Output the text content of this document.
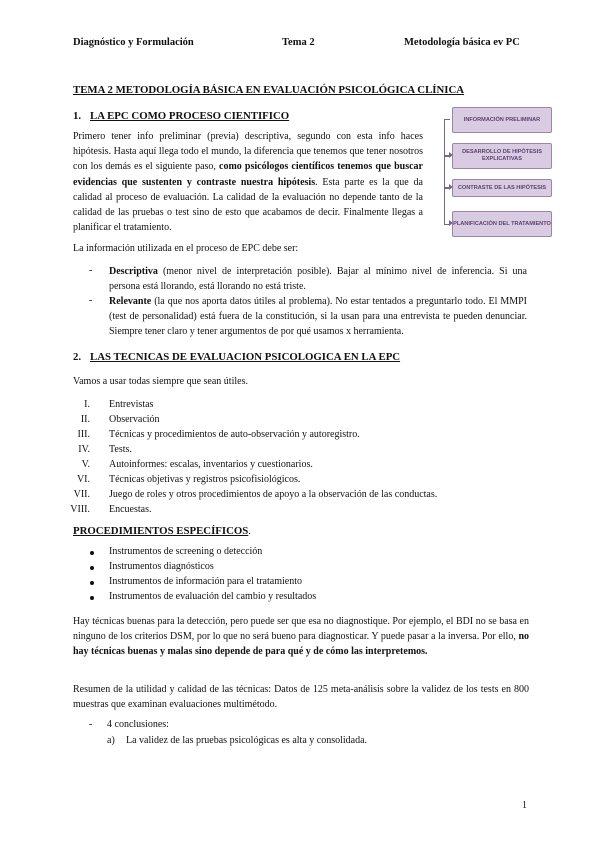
Diagnóstico y Formulación	Tema 2	Metodología básica ev PC
TEMA 2 METODOLOGÍA BÁSICA EN EVALUACIÓN PSICOLÓGICA CLÍNICA
1. LA EPC COMO PROCESO CIENTIFICO
Primero tener info preliminar (previa) descriptiva, segundo con esta info haces hipótesis. Hasta aquí llega todo el mundo, la diferencia que tenemos que tener nosotros con los demás es el siguiente paso, como psicólogos científicos tenemos que buscar evidencias que sustenten y contraste nuestra hipótesis. Esta parte es la que da calidad al proceso de evaluación. La calidad de la evaluación no depende tanto de la calidad de las pruebas o test sino de esto que acabamos de decir. Finalmente llegas a planificar el tratamiento.
INFORMACIÓN PRELIMINAR
DESARROLLO DE HIPÓTESIS EXPLICATIVAS
CONTRASTE DE LAS HIPÓTESIS
PLANIFICACIÓN DEL TRATAMIENTO
La información utilizada en el proceso de EPC debe ser:
- Descriptiva (menor nivel de interpretación posible). Bajar al mínimo nivel de inferencia. Si una persona está llorando, está llorando no está triste.
- Relevante (la que nos aporta datos útiles al problema). No estar tentados a preguntarlo todo. El MMPI (test de personalidad) está fuera de la constitución, si la usan para una entrevista te pueden denunciar. Siempre tener claro y tener argumentos de por qué usamos x herramienta.
2. LAS TECNICAS DE EVALUACION PSICOLOGICA EN LA EPC
Vamos a usar todas siempre que sean útiles.
I. Entrevistas
II. Observación
III. Técnicas y procedimientos de auto-observación y autoregistro.
IV. Tests.
V. Autoinformes: escalas, inventarios y cuestionarios.
VI. Técnicas objetivas y registros psicofisiológicos.
VII. Juego de roles y otros procedimientos de apoyo a la observación de las conductas.
VIII. Encuestas.
PROCEDIMIENTOS ESPECÍFICOS.
Instrumentos de screening o detección
Instrumentos diagnósticos
Instrumentos de información para el tratamiento
Instrumentos de evaluación del cambio y resultados
Hay técnicas buenas para la detección, pero puede ser que esa no diagnostique. Por ejemplo, el BDI no se basa en ninguno de los criterios DSM, por lo que no será bueno para diagnosticar. Y puede pasar a la inversa. Por ello, no hay técnicas buenas y malas sino depende de para qué y de cómo las interpretemos.
Resumen de la utilidad y calidad de las técnicas: Datos de 125 meta-análisis sobre la validez de los tests en 800 muestras que examinan evaluaciones multimétodo.
- 4 conclusiones:
a) La validez de las pruebas psicológicas es alta y consolidada.
1
